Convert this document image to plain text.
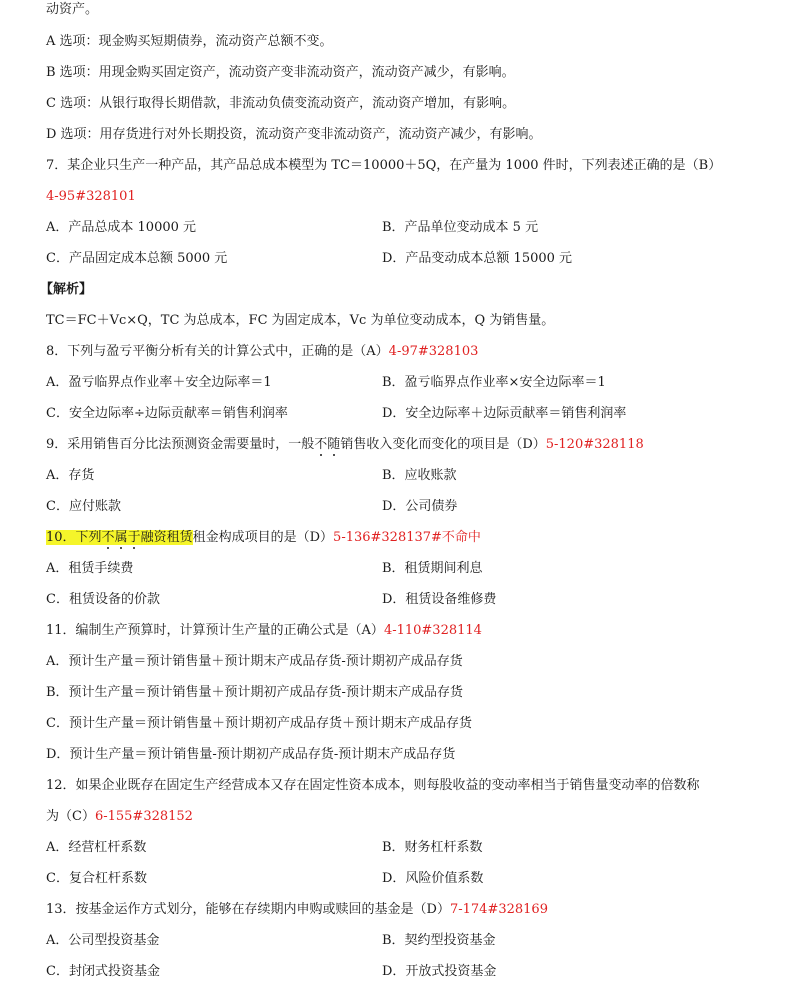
动资产。
A 选项：现金购买短期债券，流动资产总额不变。
B 选项：用现金购买固定资产，流动资产变非流动资产，流动资产减少，有影响。
C 选项：从银行取得长期借款，非流动负债变流动资产，流动资产增加，有影响。
D 选项：用存货进行对外长期投资，流动资产变非流动资产，流动资产减少，有影响。
7．某企业只生产一种产品，其产品总成本模型为 TC＝10000＋5Q，在产量为 1000 件时，下列表述正确的是（B）
4-95#328101
A．产品总成本 10000 元	B．产品单位变动成本 5 元
C．产品固定成本总额 5000 元	D．产品变动成本总额 15000 元
【解析】
TC＝FC＋Vc×Q，TC 为总成本，FC 为固定成本，Vc 为单位变动成本，Q 为销售量。
8．下列与盈亏平衡分析有关的计算公式中，正确的是（A）4-97#328103
A．盈亏临界点作业率＋安全边际率＝1	B．盈亏临界点作业率×安全边际率＝1
C．安全边际率÷边际贡献率＝销售利润率	D．安全边际率＋边际贡献率＝销售利润率
9．采用销售百分比法预测资金需要量时，一般不随销售收入变化而变化的项目是（D）5-120#328118
A．存货	B．应收账款
C．应付账款	D．公司债券
10．下列不属于融资租赁租金构成项目的是（D）5-136#328137#不命中
A．租赁手续费	B．租赁期间利息
C．租赁设备的价款	D．租赁设备维修费
11．编制生产预算时，计算预计生产量的正确公式是（A）4-110#328114
A．预计生产量＝预计销售量＋预计期末产成品存货-预计期初产成品存货
B．预计生产量＝预计销售量＋预计期初产成品存货-预计期末产成品存货
C．预计生产量＝预计销售量＋预计期初产成品存货＋预计期末产成品存货
D．预计生产量＝预计销售量-预计期初产成品存货-预计期末产成品存货
12．如果企业既存在固定生产经营成本又存在固定性资本成本，则每股收益的变动率相当于销售量变动率的倍数称
为（C）6-155#328152
A．经营杠杆系数	B．财务杠杆系数
C．复合杠杆系数	D．风险价值系数
13．按基金运作方式划分，能够在存续期内申购或赎回的基金是（D）7-174#328169
A．公司型投资基金	B．契约型投资基金
C．封闭式投资基金	D．开放式投资基金
